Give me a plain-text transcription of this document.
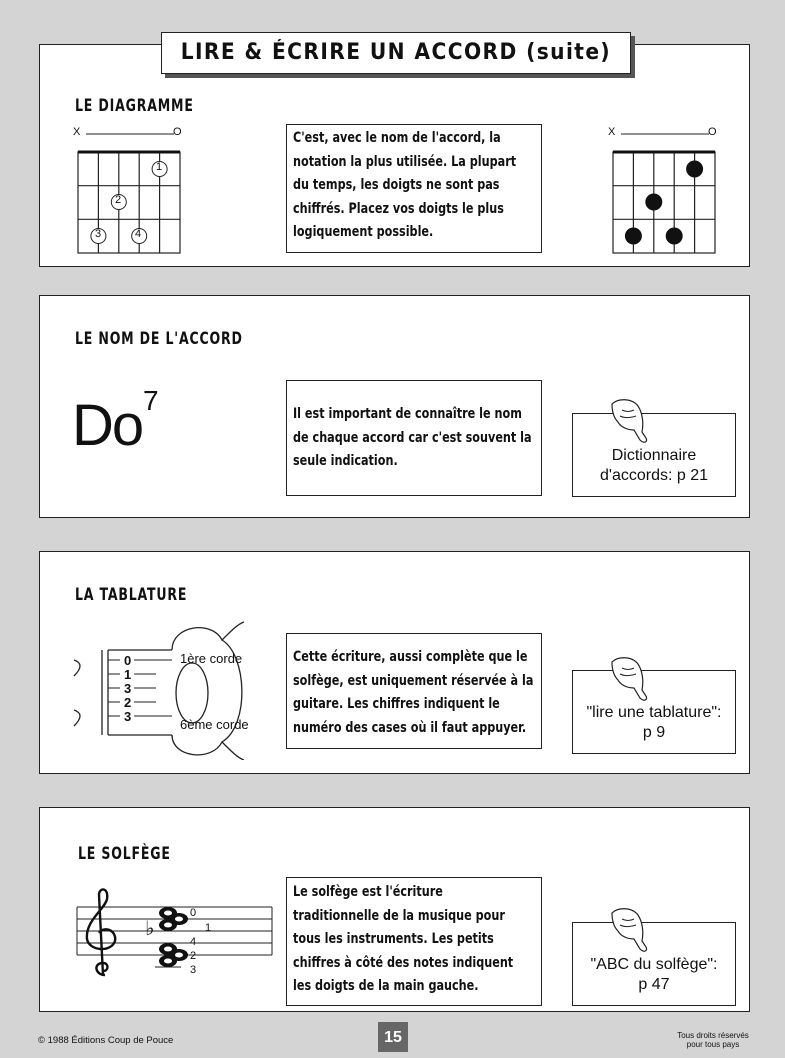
LIRE & ÉCRIRE UN ACCORD (suite)
LE DIAGRAMME
X	O
1
2
3	4
C'est, avec le nom de l'accord, la
notation la plus utilisée. La plupart
du temps, les doigts ne sont pas
chiffrés. Placez vos doigts le plus
logiquement possible.
X	O
LE NOM DE L'ACCORD
Do 7	Il est important de connaître le nom
de chaque accord car c'est souvent la
seule indication.	Dictionnaire
d'accords: p 21

LA TABLATURE
0
1
3
2
3
1ère corde
6ème corde
Cette écriture, aussi complète que le
solfège, est uniquement réservée à la
guitare. Les chiffres indiquent le
numéro des cases où il faut appuyer.

"lire une tablature":
p 9

LE SOLFÈGE
♭
0
1
4
2
3
Le solfège est l'écriture
traditionnelle de la musique pour
tous les instruments. Les petits
chiffres à côté des notes indiquent
les doigts de la main gauche.

"ABC du solfège":
p 47

© 1988 Éditions Coup de Pouce	15	Tous droits réservés
pour tous pays
